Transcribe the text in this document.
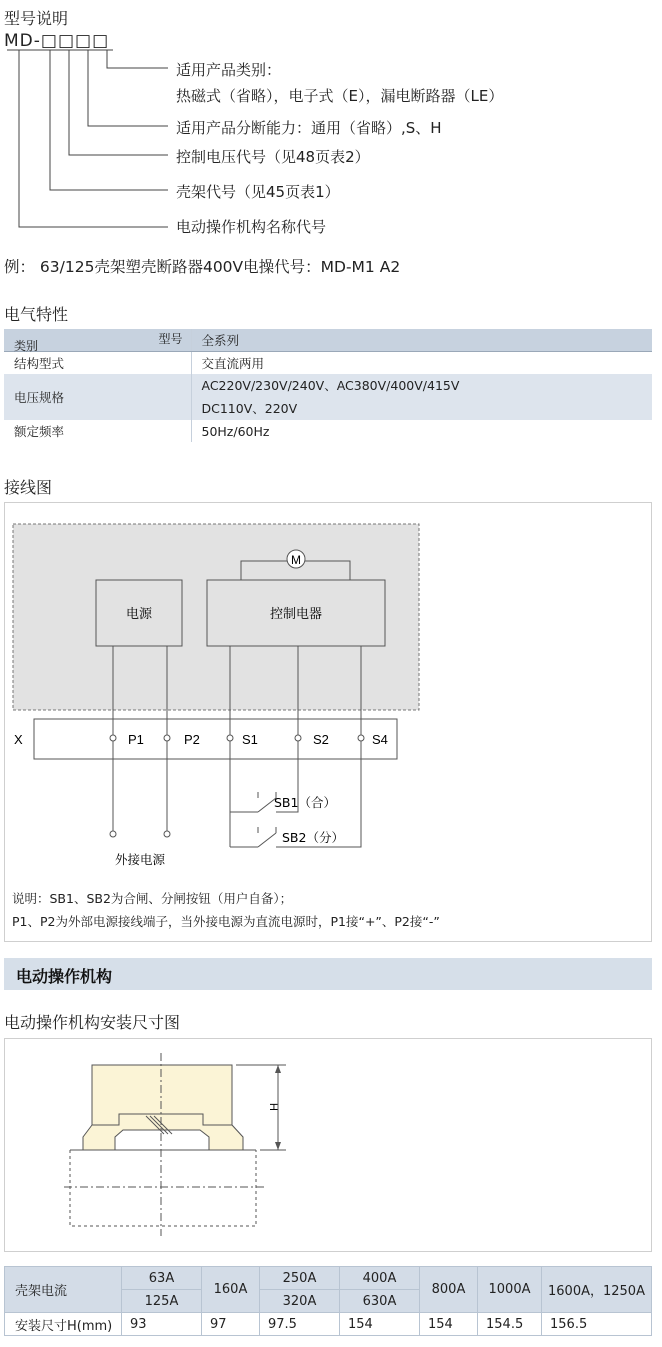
型号说明
MD-□□□□
适用产品类别：
热磁式（省略），电子式（E），漏电断路器（LE）
适用产品分断能力：通用（省略）,S、H
控制电压代号（见48页表2）
壳架代号（见45页表1）
电动操作机构名称代号
例： 63/125壳架塑壳断路器400V电操代号：MD-M1 A2
电气特性
型号
类别	全系列
结构型式	交直流两用
电压规格	AC220V/230V/240V、AC380V/400V/415V
DC110V、220V

额定频率	50Hz/60Hz
接线图
M
电源	控制电器
X	P1	P2	S1	S2	S4
SB1（合）
SB2（分）
外接电源
说明：SB1、SB2为合闸、分闸按钮（用户自备）；
P1、P2为外部电源接线端子，当外接电源为直流电源时，P1接“+”、P2接“-”
电动操作机构
电动操作机构安装尺寸图
H
壳架电流	63A	160A	250A	400A	800A	1000A	1600A，1250A
	125A		320A	630A			
安装尺寸H(mm)	93	97	97.5	154	154	154.5	156.5
